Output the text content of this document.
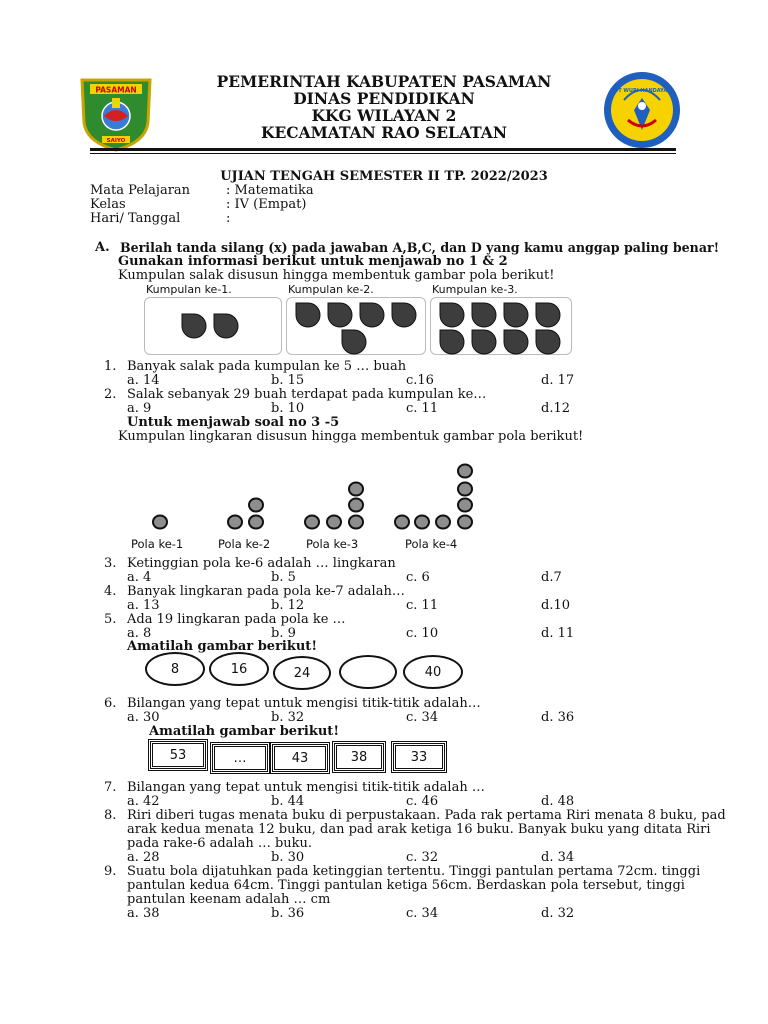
PASAMAN
SAIYO
TUT WURI HANDAYANI
PEMERINTAH KABUPATEN PASAMAN
DINAS PENDIDIKAN
KKG WILAYAN 2
KECAMATAN RAO SELATAN
UJIAN TENGAH SEMESTER II TP. 2022/2023
Mata Pelajaran	: Matematika
Kelas	: IV (Empat)
Hari/ Tanggal	:
A. Berilah tanda silang (x) pada jawaban A,B,C, dan D yang kamu anggap paling benar!
Gunakan informasi berikut untuk menjawab no 1 & 2
Kumpulan salak disusun hingga membentuk gambar pola berikut!
Kumpulan ke-1.	Kumpulan ke-2.	Kumpulan ke-3.
1. Banyak salak pada kumpulan ke 5 … buah
a. 14	b. 15	c.16	d. 17
2. Salak sebanyak 29 buah terdapat pada kumpulan ke…
a. 9	b. 10	c. 11	d.12
3. Ketinggian pola ke-6 adalah … lingkaran
a. 4	b. 5	c. 6	d.7
4. Banyak lingkaran pada pola ke-7 adalah…
a. 13	b. 12	c. 11	d.10
5. Ada 19 lingkaran pada pola ke …
a. 8	b. 9	c. 10	d. 11
6. Bilangan yang tepat untuk mengisi titik-titik adalah…
a. 30	b. 32	c. 34	d. 36
7. Bilangan yang tepat untuk mengisi titik-titik adalah …
a. 42	b. 44	c. 46	d. 48
8. Riri diberi tugas menata buku di perpustakaan. Pada rak pertama Riri menata 8 buku, pad
arak kedua menata 12 buku, dan pad arak ketiga 16 buku. Banyak buku yang ditata Riri
pada rake-6 adalah … buku.
a. 28	b. 30	c. 32	d. 34
9. Suatu bola dijatuhkan pada ketinggian tertentu. Tinggi pantulan pertama 72cm. tinggi
pantulan kedua 64cm. Tinggi pantulan ketiga 56cm. Berdaskan pola tersebut, tinggi
pantulan keenam adalah … cm
a. 38	b. 36	c. 34	d. 32
Untuk menjawab soal no 3 -5
Kumpulan lingkaran disusun hingga membentuk gambar pola berikut!
Pola ke-1	Pola ke-2	Pola ke-3	Pola ke-4
Amatilah gambar berikut!
8	16	24	40
Amatilah gambar berikut!
53	…	43	38	33
